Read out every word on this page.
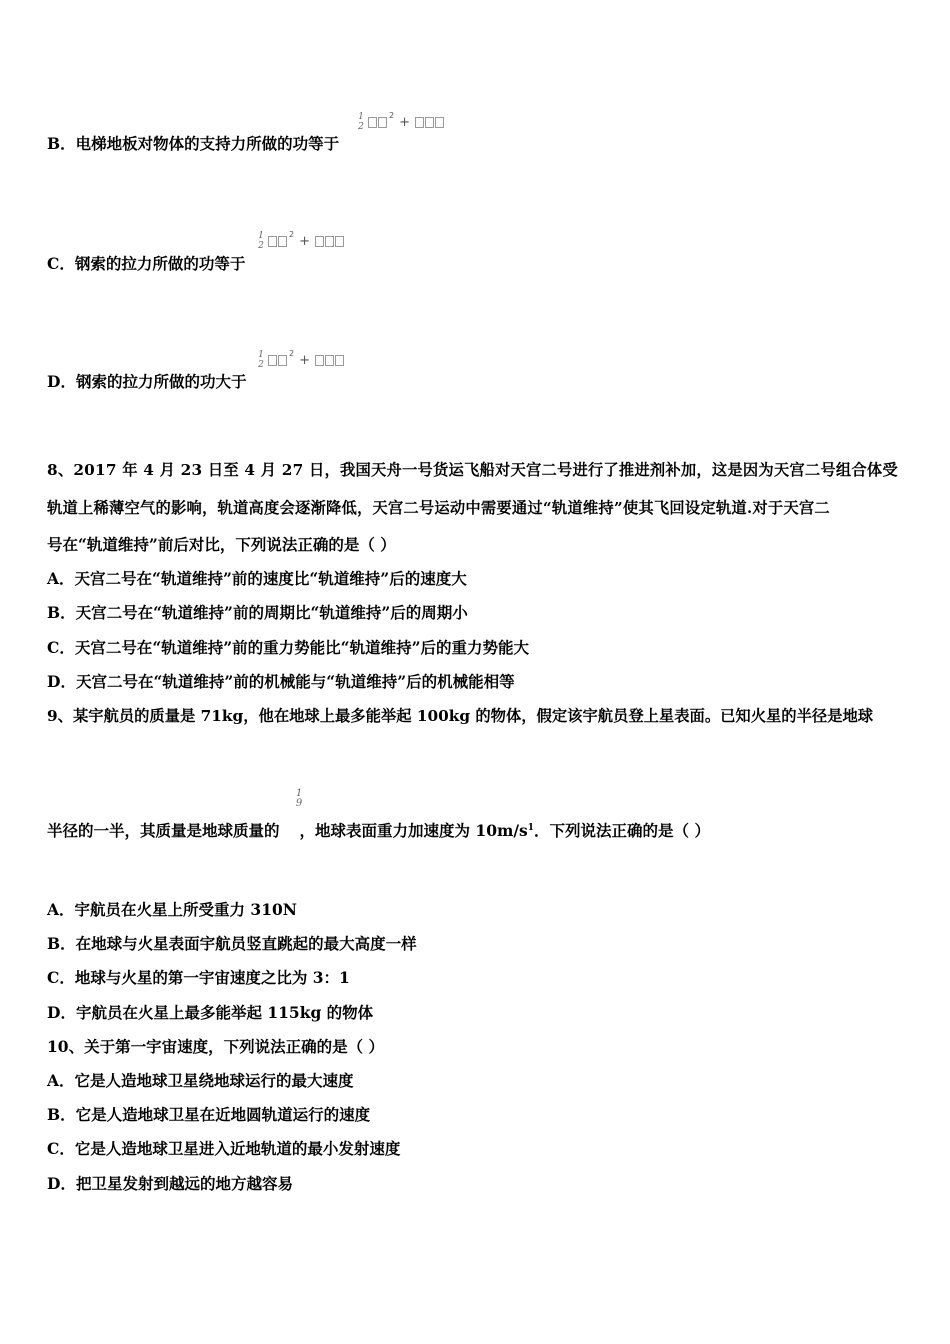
B．电梯地板对物体的支持力所做的功等于
1
2
$^2$ +
C．钢索的拉力所做的功等于
1
2
$^2$ +
D．钢索的拉力所做的功大于
1
2
$^2$ +
8、2017 年 4 月 23 日至 4 月 27 日，我国天舟一号货运飞船对天宫二号进行了推进剂补加，这是因为天宫二号组合体受
轨道上稀薄空气的影响，轨道高度会逐渐降低，天宫二号运动中需要通过“轨道维持”使其飞回设定轨道.对于天宫二
号在“轨道维持”前后对比，下列说法正确的是（ ）
A．天宫二号在“轨道维持”前的速度比“轨道维持”后的速度大
B．天宫二号在“轨道维持”前的周期比“轨道维持”后的周期小
C．天宫二号在“轨道维持”前的重力势能比“轨道维持”后的重力势能大
D．天宫二号在“轨道维持”前的机械能与“轨道维持”后的机械能相等
9、某宇航员的质量是 71kg，他在地球上最多能举起 100kg 的物体，假定该宇航员登上星表面。已知火星的半径是地球
1
9
半径的一半，其质量是地球质量的 ，地球表面重力加速度为 $10m/s^1$．下列说法正确的是（ ）
A．宇航员在火星上所受重力 310N
B．在地球与火星表面宇航员竖直跳起的最大高度一样
C．地球与火星的第一宇宙速度之比为 3：1
D．宇航员在火星上最多能举起 115kg 的物体
10、关于第一宇宙速度，下列说法正确的是（ ）
A．它是人造地球卫星绕地球运行的最大速度
B．它是人造地球卫星在近地圆轨道运行的速度
C．它是人造地球卫星进入近地轨道的最小发射速度
D．把卫星发射到越远的地方越容易
